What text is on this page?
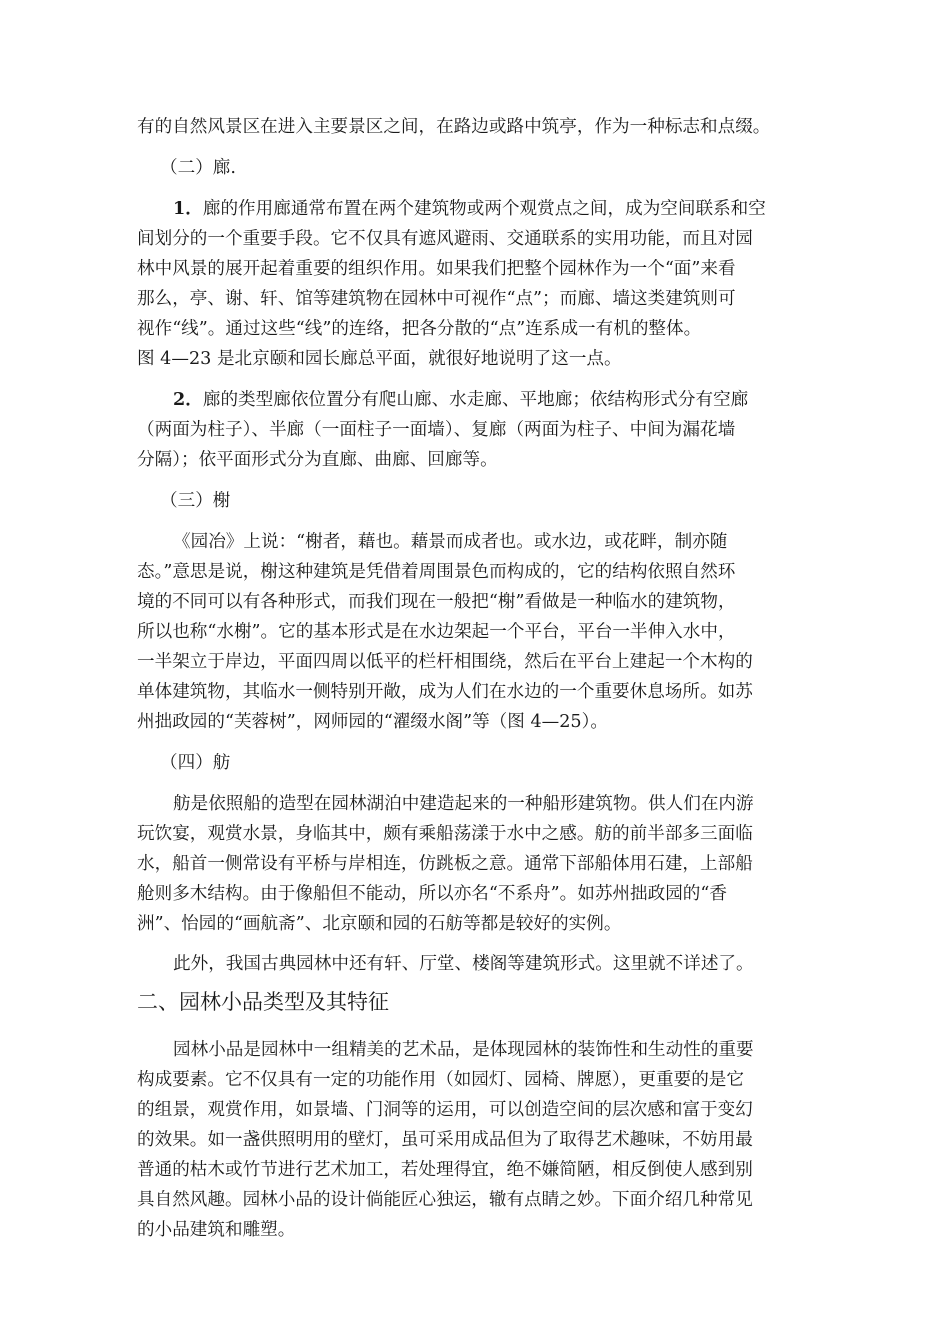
有的自然风景区在进入主要景区之间，在路边或路中筑亭，作为一种标志和点缀。
（二）廊.
1．廊的作用廊通常布置在两个建筑物或两个观赏点之间，成为空间联系和空
间划分的一个重要手段。它不仅具有遮风避雨、交通联系的实用功能，而且对园
林中风景的展开起着重要的组织作用。如果我们把整个园林作为一个“面”来看
那么，亭、谢、轩、馆等建筑物在园林中可视作“点”；而廊、墙这类建筑则可
视作“线”。通过这些“线”的连络，把各分散的“点”连系成一有机的整体。
图 4—23 是北京颐和园长廊总平面，就很好地说明了这一点。
2．廊的类型廊依位置分有爬山廊、水走廊、平地廊；依结构形式分有空廊
（两面为柱子）、半廊（一面柱子一面墙）、复廊（两面为柱子、中间为漏花墙
分隔）；依平面形式分为直廊、曲廊、回廊等。
（三）榭
《园冶》上说：“榭者，藉也。藉景而成者也。或水边，或花畔，制亦随
态。”意思是说，榭这种建筑是凭借着周围景色而构成的，它的结构依照自然环
境的不同可以有各种形式，而我们现在一般把“榭”看做是一种临水的建筑物，
所以也称“水榭”。它的基本形式是在水边架起一个平台，平台一半伸入水中，
一半架立于岸边，平面四周以低平的栏杆相围绕，然后在平台上建起一个木构的
单体建筑物，其临水一侧特别开敞，成为人们在水边的一个重要休息场所。如苏
州拙政园的“芙蓉树”，网师园的“濯缀水阁”等（图 4—25）。
（四）舫
舫是依照船的造型在园林湖泊中建造起来的一种船形建筑物。供人们在内游
玩饮宴，观赏水景，身临其中，颇有乘船荡漾于水中之感。舫的前半部多三面临
水，船首一侧常设有平桥与岸相连，仿跳板之意。通常下部船体用石建，上部船
舱则多木结构。由于像船但不能动，所以亦名“不系舟”。如苏州拙政园的“香
洲”、怡园的“画航斋”、北京颐和园的石舫等都是较好的实例。
此外，我国古典园林中还有轩、厅堂、楼阁等建筑形式。这里就不详述了。
二、园林小品类型及其特征
园林小品是园林中一组精美的艺术品，是体现园林的装饰性和生动性的重要
构成要素。它不仅具有一定的功能作用（如园灯、园椅、牌愿），更重要的是它
的组景，观赏作用，如景墙、门洞等的运用，可以创造空间的层次感和富于变幻
的效果。如一盏供照明用的壁灯，虽可采用成品但为了取得艺术趣味，不妨用最
普通的枯木或竹节进行艺术加工，若处理得宜，绝不嫌简陋，相反倒使人感到别
具自然风趣。园林小品的设计倘能匠心独运，辙有点睛之妙。下面介绍几种常见
的小品建筑和雕塑。
